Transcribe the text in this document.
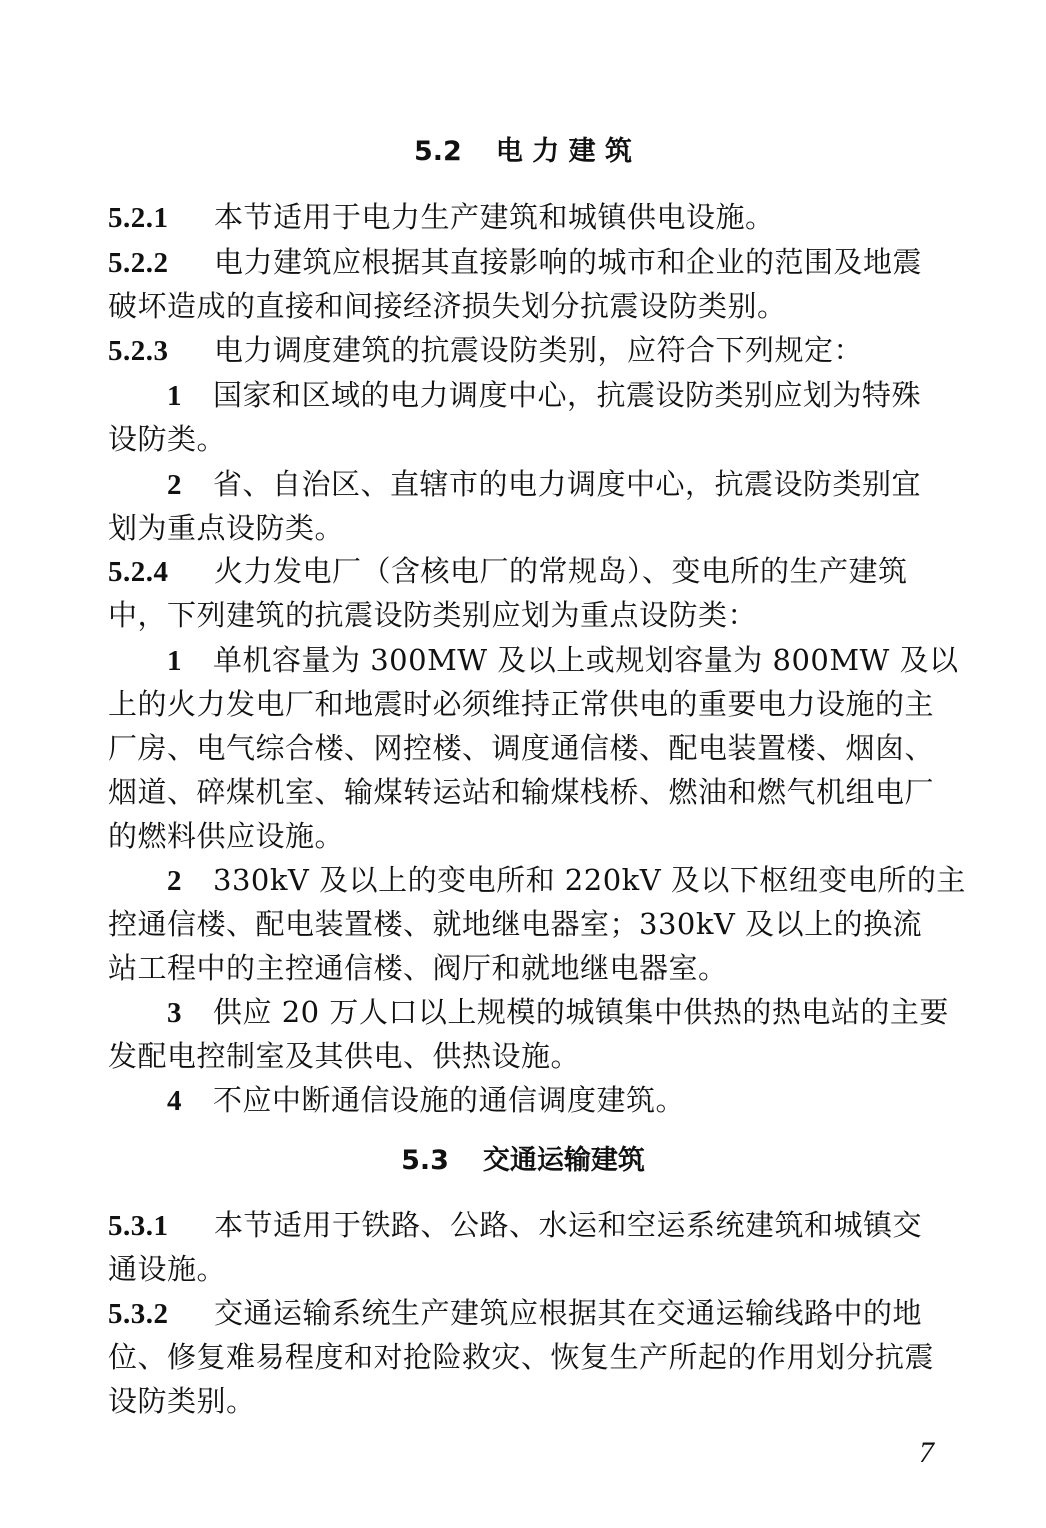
5.2 电 力 建 筑
5.2.1 本节适用于电力生产建筑和城镇供电设施。
5.2.2 电力建筑应根据其直接影响的城市和企业的范围及地震
破坏造成的直接和间接经济损失划分抗震设防类别。
5.2.3 电力调度建筑的抗震设防类别，应符合下列规定：
1 国家和区域的电力调度中心，抗震设防类别应划为特殊
设防类。
2 省、自治区、直辖市的电力调度中心，抗震设防类别宜
划为重点设防类。
5.2.4 火力发电厂（含核电厂的常规岛）、变电所的生产建筑
中，下列建筑的抗震设防类别应划为重点设防类：
1 单机容量为 300MW 及以上或规划容量为 800MW 及以
上的火力发电厂和地震时必须维持正常供电的重要电力设施的主
厂房、电气综合楼、网控楼、调度通信楼、配电装置楼、烟囱、
烟道、碎煤机室、输煤转运站和输煤栈桥、燃油和燃气机组电厂
的燃料供应设施。
2 330kV 及以上的变电所和 220kV 及以下枢纽变电所的主
控通信楼、配电装置楼、就地继电器室；330kV 及以上的换流
站工程中的主控通信楼、阀厅和就地继电器室。
3 供应 20 万人口以上规模的城镇集中供热的热电站的主要
发配电控制室及其供电、供热设施。
4 不应中断通信设施的通信调度建筑。
5.3 交通运输建筑
5.3.1 本节适用于铁路、公路、水运和空运系统建筑和城镇交
通设施。
5.3.2 交通运输系统生产建筑应根据其在交通运输线路中的地
位、修复难易程度和对抢险救灾、恢复生产所起的作用划分抗震
设防类别。
7
